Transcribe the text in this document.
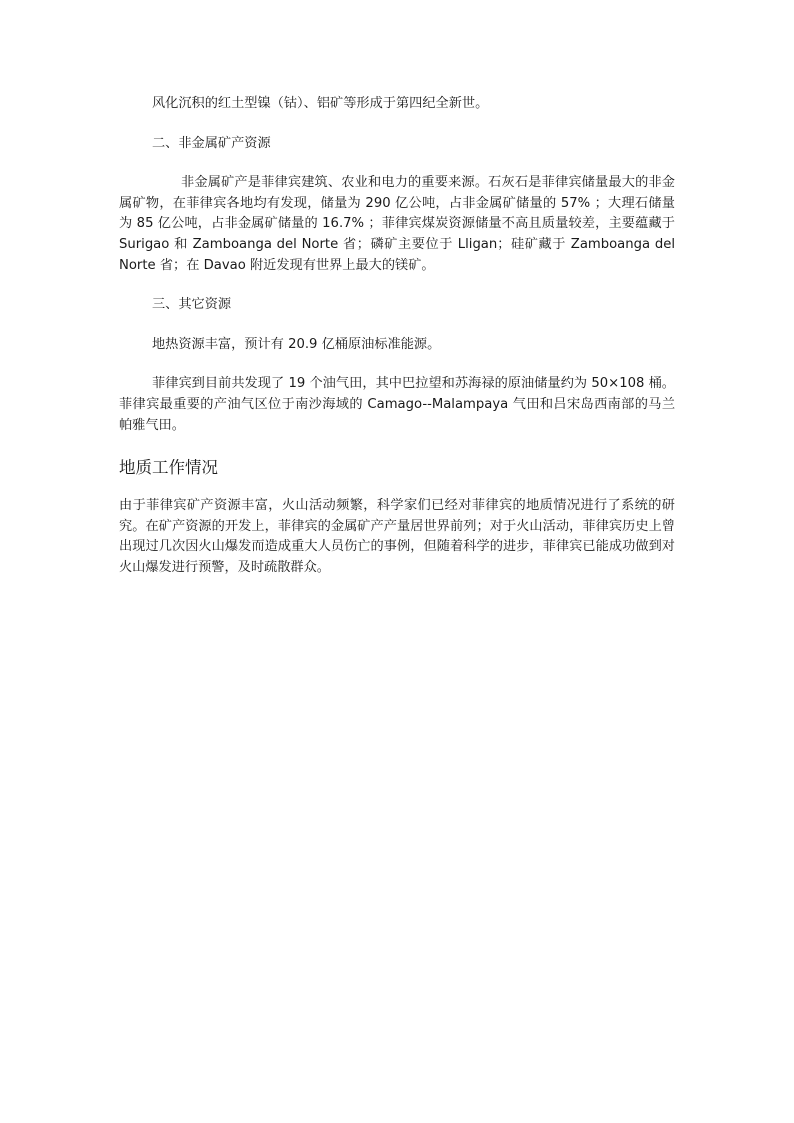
风化沉积的红土型镍（钴）、铝矿等形成于第四纪全新世。

二、非金属矿产资源

非金属矿产是菲律宾建筑、农业和电力的重要来源。石灰石是菲律宾储量最大的非金属矿物，在菲律宾各地均有发现，储量为 290 亿公吨，占非金属矿储量的 57% ；大理石储量为 85 亿公吨，占非金属矿储量的 16.7% ；菲律宾煤炭资源储量不高且质量较差，主要蕴藏于 Surigao 和 Zamboanga del Norte 省；磷矿主要位于 Lligan；硅矿藏于 Zamboanga del Norte 省；在 Davao 附近发现有世界上最大的镁矿。

三、其它资源

地热资源丰富，预计有 20.9 亿桶原油标准能源。

菲律宾到目前共发现了 19 个油气田，其中巴拉望和苏海禄的原油储量约为 50×108 桶。菲律宾最重要的产油气区位于南沙海域的 Camago--Malampaya 气田和吕宋岛西南部的马兰帕雅气田。

地质工作情况

由于菲律宾矿产资源丰富，火山活动频繁，科学家们已经对菲律宾的地质情况进行了系统的研究。在矿产资源的开发上，菲律宾的金属矿产产量居世界前列；对于火山活动，菲律宾历史上曾出现过几次因火山爆发而造成重大人员伤亡的事例，但随着科学的进步，菲律宾已能成功做到对火山爆发进行预警，及时疏散群众。
